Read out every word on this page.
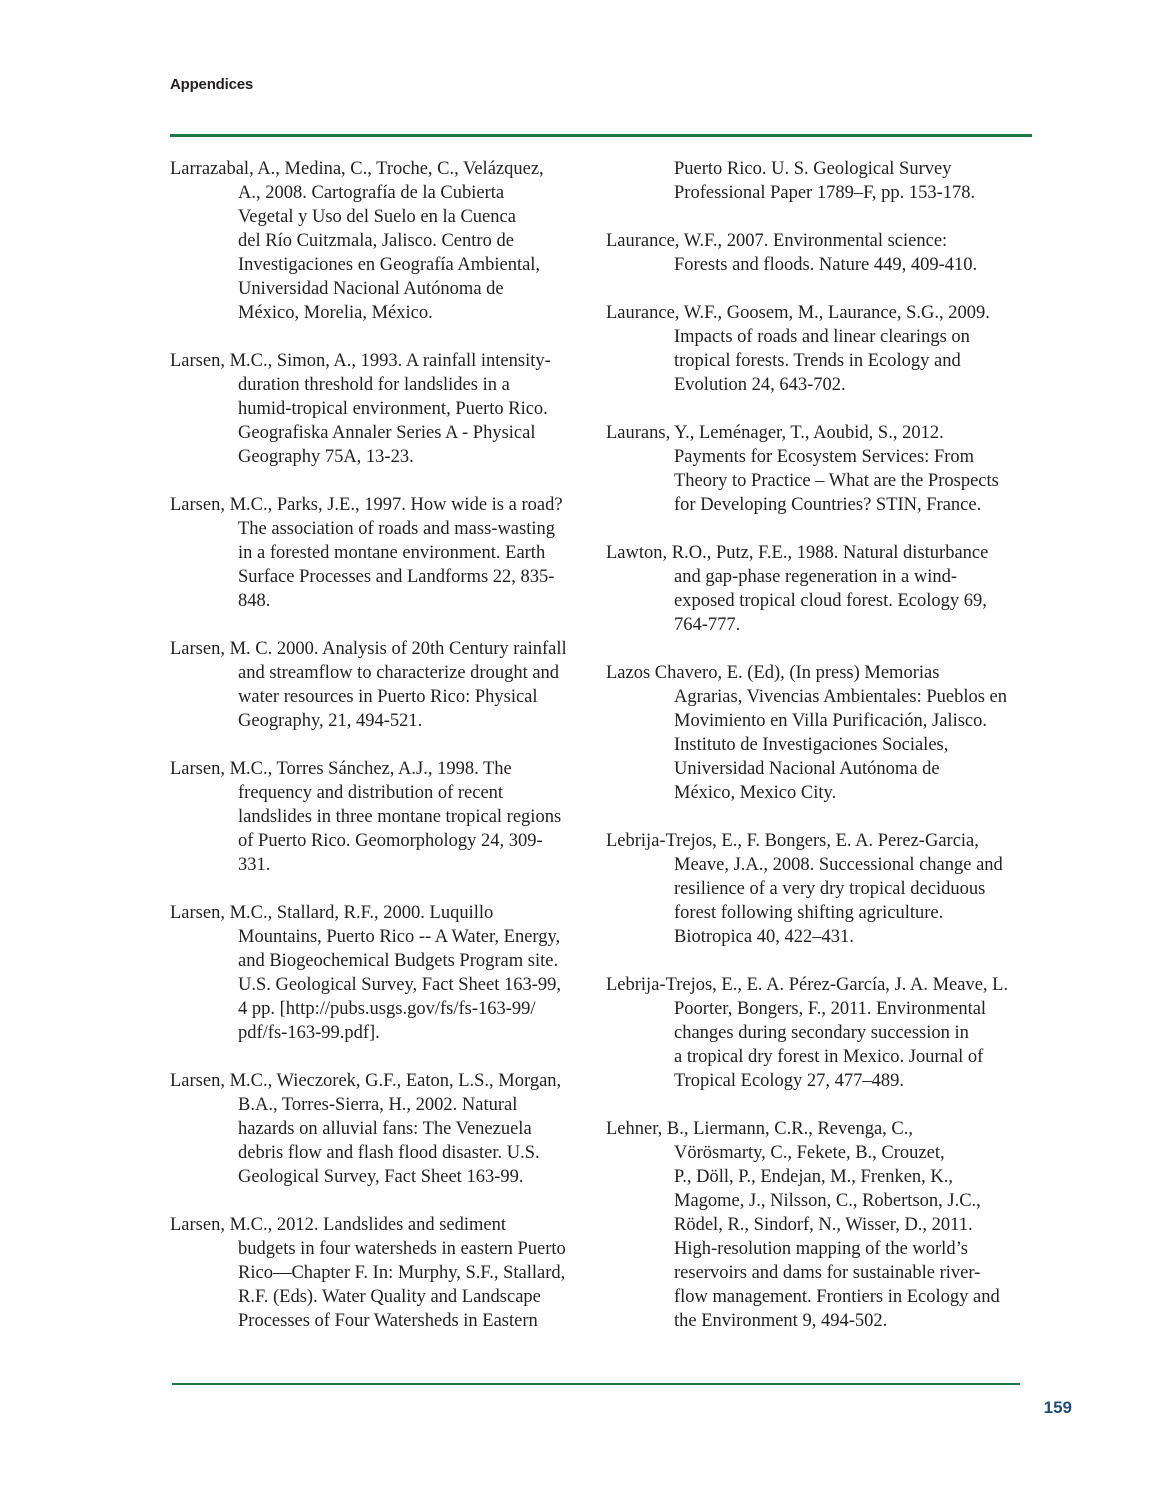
Appendices
Larrazabal, A., Medina, C., Troche, C., Velázquez,
A., 2008. Cartografía de la Cubierta
Vegetal y Uso del Suelo en la Cuenca
del Río Cuitzmala, Jalisco. Centro de
Investigaciones en Geografía Ambiental,
Universidad Nacional Autónoma de
México, Morelia, México.
Larsen, M.C., Simon, A., 1993. A rainfall intensity-
duration threshold for landslides in a
humid-tropical environment, Puerto Rico.
Geografiska Annaler Series A - Physical
Geography 75A, 13-23.
Larsen, M.C., Parks, J.E., 1997. How wide is a road?
The association of roads and mass-wasting
in a forested montane environment. Earth
Surface Processes and Landforms 22, 835-
848.
Larsen, M. C. 2000. Analysis of 20th Century rainfall
and streamflow to characterize drought and
water resources in Puerto Rico: Physical
Geography, 21, 494-521.
Larsen, M.C., Torres Sánchez, A.J., 1998. The
frequency and distribution of recent
landslides in three montane tropical regions
of Puerto Rico. Geomorphology 24, 309-
331.
Larsen, M.C., Stallard, R.F., 2000. Luquillo
Mountains, Puerto Rico -- A Water, Energy,
and Biogeochemical Budgets Program site.
U.S. Geological Survey, Fact Sheet 163-99,
4 pp. [http://pubs.usgs.gov/fs/fs-163-99/
pdf/fs-163-99.pdf].
Larsen, M.C., Wieczorek, G.F., Eaton, L.S., Morgan,
B.A., Torres-Sierra, H., 2002. Natural
hazards on alluvial fans: The Venezuela
debris flow and flash flood disaster. U.S.
Geological Survey, Fact Sheet 163-99.
Larsen, M.C., 2012. Landslides and sediment
budgets in four watersheds in eastern Puerto
Rico—Chapter F. In: Murphy, S.F., Stallard,
R.F. (Eds). Water Quality and Landscape
Processes of Four Watersheds in Eastern
Puerto Rico. U. S. Geological Survey
Professional Paper 1789–F, pp. 153-178.
Laurance, W.F., 2007. Environmental science:
Forests and floods. Nature 449, 409-410.
Laurance, W.F., Goosem, M., Laurance, S.G., 2009.
Impacts of roads and linear clearings on
tropical forests. Trends in Ecology and
Evolution 24, 643-702.
Laurans, Y., Leménager, T., Aoubid, S., 2012.
Payments for Ecosystem Services: From
Theory to Practice – What are the Prospects
for Developing Countries? STIN, France.
Lawton, R.O., Putz, F.E., 1988. Natural disturbance
and gap-phase regeneration in a wind-
exposed tropical cloud forest. Ecology 69,
764-777.
Lazos Chavero, E. (Ed), (In press) Memorias
Agrarias, Vivencias Ambientales: Pueblos en
Movimiento en Villa Purificación, Jalisco.
Instituto de Investigaciones Sociales,
Universidad Nacional Autónoma de
México, Mexico City.
Lebrija-Trejos, E., F. Bongers, E. A. Perez-Garcia,
Meave, J.A., 2008. Successional change and
resilience of a very dry tropical deciduous
forest following shifting agriculture.
Biotropica 40, 422–431.
Lebrija-Trejos, E., E. A. Pérez-García, J. A. Meave, L.
Poorter, Bongers, F., 2011. Environmental
changes during secondary succession in
a tropical dry forest in Mexico. Journal of
Tropical Ecology 27, 477–489.
Lehner, B., Liermann, C.R., Revenga, C.,
Vörösmarty, C., Fekete, B., Crouzet,
P., Döll, P., Endejan, M., Frenken, K.,
Magome, J., Nilsson, C., Robertson, J.C.,
Rödel, R., Sindorf, N., Wisser, D., 2011.
High-resolution mapping of the world’s
reservoirs and dams for sustainable river-
flow management. Frontiers in Ecology and
the Environment 9, 494-502.
159
